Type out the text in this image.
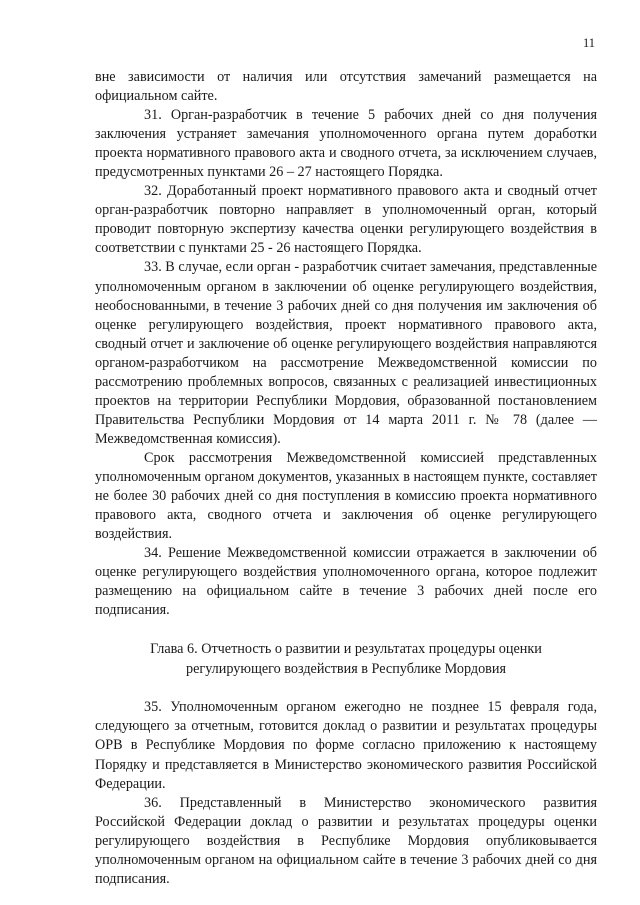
11

вне зависимости от наличия или отсутствия замечаний размещается на официальном сайте.

31. Орган-разработчик в течение 5 рабочих дней со дня получения заключения устраняет замечания уполномоченного органа путем доработки проекта нормативного правового акта и сводного отчета, за исключением случаев, предусмотренных пунктами 26 – 27 настоящего Порядка.

32. Доработанный проект нормативного правового акта и сводный отчет орган-разработчик повторно направляет в уполномоченный орган, который проводит повторную экспертизу качества оценки регулирующего воздействия в соответствии с пунктами 25 - 26 настоящего Порядка.

33. В случае, если орган - разработчик считает замечания, представленные уполномоченным органом в заключении об оценке регулирующего воздействия, необоснованными, в течение 3 рабочих дней со дня получения им заключения об оценке регулирующего воздействия, проект нормативного правового акта, сводный отчет и заключение об оценке регулирующего воздействия направляются органом-разработчиком на рассмотрение Межведомственной комиссии по рассмотрению проблемных вопросов, связанных с реализацией инвестиционных проектов на территории Республики Мордовия, образованной постановлением Правительства Республики Мордовия от 14 марта 2011 г. № 78 (далее — Межведомственная комиссия).

Срок рассмотрения Межведомственной комиссией представленных уполномоченным органом документов, указанных в настоящем пункте, составляет не более 30 рабочих дней со дня поступления в комиссию проекта нормативного правового акта, сводного отчета и заключения об оценке регулирующего воздействия.

34. Решение Межведомственной комиссии отражается в заключении об оценке регулирующего воздействия уполномоченного органа, которое подлежит размещению на официальном сайте в течение 3 рабочих дней после его подписания.

Глава 6. Отчетность о развитии и результатах процедуры оценки
регулирующего воздействия в Республике Мордовия

35. Уполномоченным органом ежегодно не позднее 15 февраля года, следующего за отчетным, готовится доклад о развитии и результатах процедуры ОРВ в Республике Мордовия по форме согласно приложению к настоящему Порядку и представляется в Министерство экономического развития Российской Федерации.

36. Представленный в Министерство экономического развития Российской Федерации доклад о развитии и результатах процедуры оценки регулирующего воздействия в Республике Мордовия опубликовывается уполномоченным органом на официальном сайте в течение 3 рабочих дней со дня подписания.
